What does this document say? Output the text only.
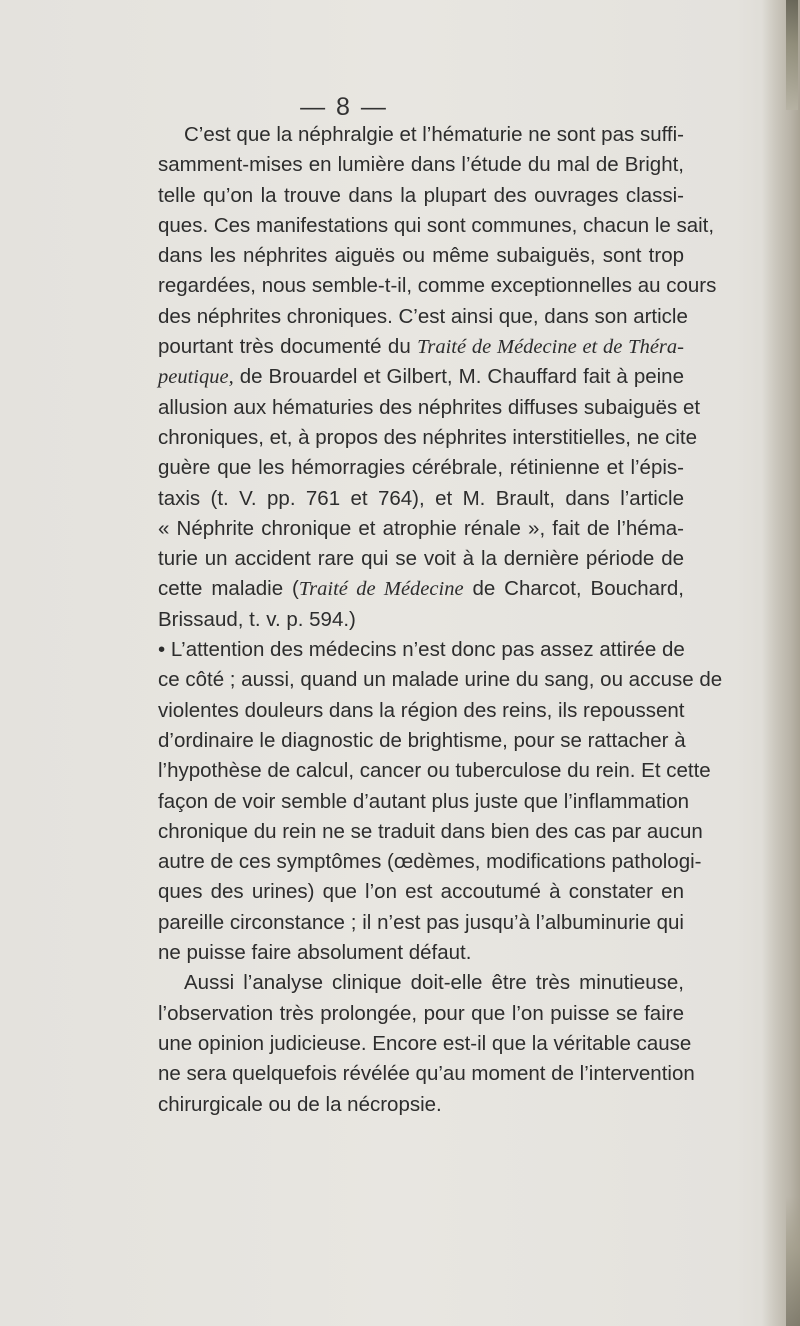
— 8 —
C’est que la néphralgie et l’hématurie ne sont pas suffi-
samment-mises en lumière dans l’étude du mal de Bright,
telle qu’on la trouve dans la plupart des ouvrages classi-
ques. Ces manifestations qui sont communes, chacun le sait,
dans les néphrites aiguës ou même subaiguës, sont trop
regardées, nous semble-t-il, comme exceptionnelles au cours
des néphrites chroniques. C’est ainsi que, dans son article
pourtant très documenté du Traité de Médecine et de Théra-
peutique, de Brouardel et Gilbert, M. Chauffard fait à peine
allusion aux hématuries des néphrites diffuses subaiguës et
chroniques, et, à propos des néphrites interstitielles, ne cite
guère que les hémorragies cérébrale, rétinienne et l’épis-
taxis (t. V. pp. 761 et 764), et M. Brault, dans l’article
« Néphrite chronique et atrophie rénale », fait de l’héma-
turie un accident rare qui se voit à la dernière période de
cette maladie (Traité de Médecine de Charcot, Bouchard,
Brissaud, t. v. p. 594.)
• L’attention des médecins n’est donc pas assez attirée de
ce côté ; aussi, quand un malade urine du sang, ou accuse de
violentes douleurs dans la région des reins, ils repoussent
d’ordinaire le diagnostic de brightisme, pour se rattacher à
l’hypothèse de calcul, cancer ou tuberculose du rein. Et cette
façon de voir semble d’autant plus juste que l’inflammation
chronique du rein ne se traduit dans bien des cas par aucun
autre de ces symptômes (œdèmes, modifications pathologi-
ques des urines) que l’on est accoutumé à constater en
pareille circonstance ; il n’est pas jusqu’à l’albuminurie qui
ne puisse faire absolument défaut.
Aussi l’analyse clinique doit-elle être très minutieuse,
l’observation très prolongée, pour que l’on puisse se faire
une opinion judicieuse. Encore est-il que la véritable cause
ne sera quelquefois révélée qu’au moment de l’intervention
chirurgicale ou de la nécropsie.
